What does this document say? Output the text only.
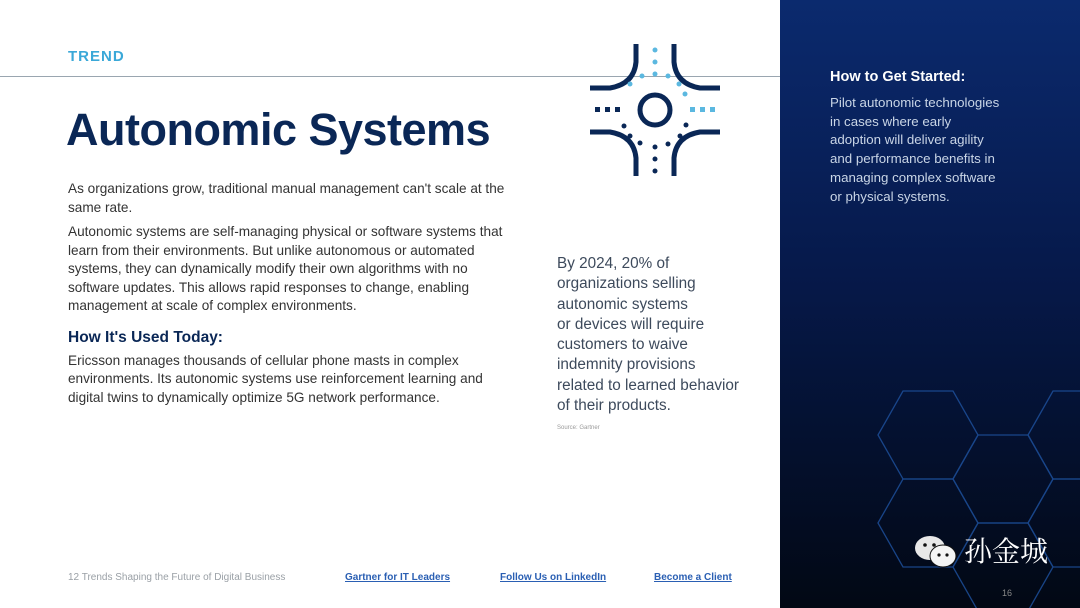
TREND
Autonomic Systems
As organizations grow, traditional manual management can't scale at the same rate.
Autonomic systems are self-managing physical or software systems that learn from their environments. But unlike autonomous or automated systems, they can dynamically modify their own algorithms with no software updates. This allows rapid responses to change, enabling management at scale of complex environments.
How It's Used Today:
Ericsson manages thousands of cellular phone masts in complex environments. Its autonomic systems use reinforcement learning and digital twins to dynamically optimize 5G network performance.
By 2024, 20% of
organizations selling
autonomic systems
or devices will require
customers to waive
indemnity provisions
related to learned behavior
of their products.
Source: Gartner
How to Get Started:
Pilot autonomic technologies
in cases where early
adoption will deliver agility
and performance benefits in
managing complex software
or physical systems.
12 Trends Shaping the Future of Digital Business	Gartner for IT Leaders	Follow Us on LinkedIn	Become a Client
孙金城
16
